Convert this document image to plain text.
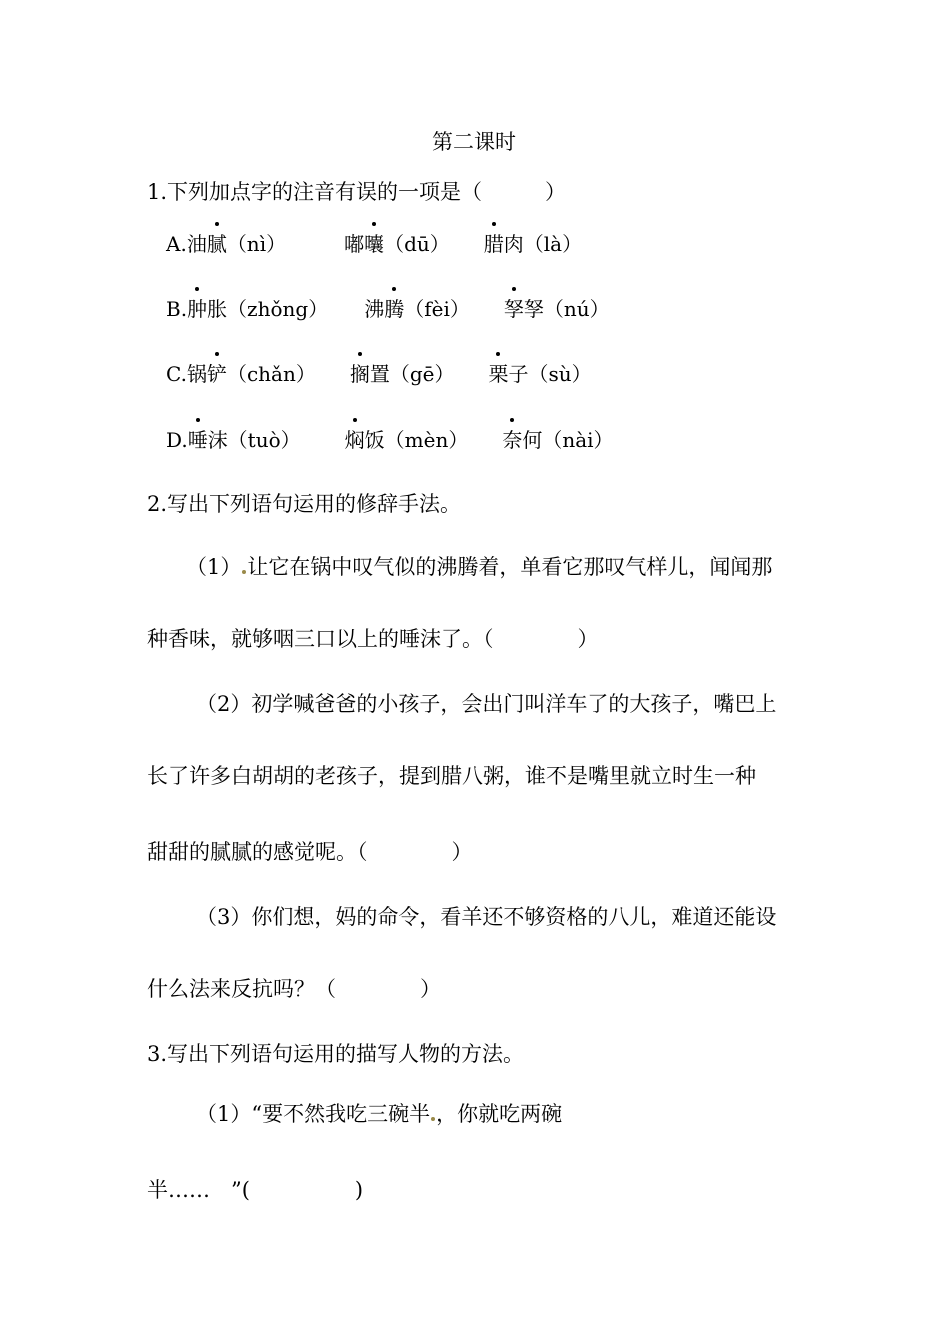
第二课时
1.下列加点字的注音有误的一项是（　　　）
A.油腻（nì）	嘟囔（dū） 腊肉（là）
B.肿胀（zhǒng） 沸腾（fèi） 孥孥（nú）
C.锅铲（chǎn） 搁置（gē） 栗子（sù）
D.唾沫（tuò） 焖饭（mèn） 奈何（nài）
2.写出下列语句运用的修辞手法。
（1） 让它在锅中叹气似的沸腾着，单看它那叹气样儿，闻闻那
种香味，就够咽三口以上的唾沫了。（　　　　）
（2）初学喊爸爸的小孩子，会出门叫洋车了的大孩子，嘴巴上
长了许多白胡胡的老孩子，提到腊八粥，谁不是嘴里就立时生一种
甜甜的腻腻的感觉呢。（　　　　）
（3）你们想，妈的命令，看羊还不够资格的八儿，难道还能设
什么法来反抗吗？（　　　　）
3.写出下列语句运用的描写人物的方法。
（1）“要不然我吃三碗半 ，你就吃两碗
半……　”(　　　　　)
